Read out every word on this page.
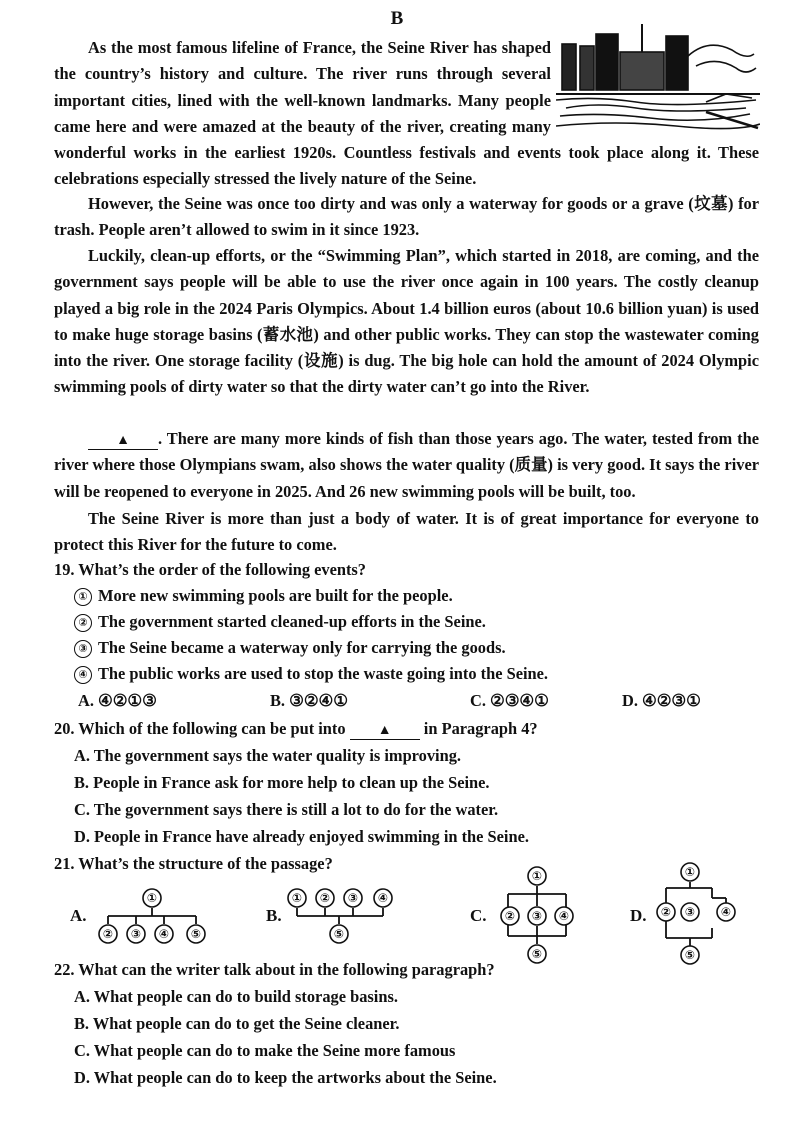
B

As the most famous lifeline of France, the Seine River has shaped the country’s history and culture. The river runs through several important cities, lined with the well-known landmarks. Many people came here and were amazed at the beauty of the river, creating many wonderful works in the earliest 1920s. Countless festivals and events took place along it. These celebrations especially stressed the lively nature of the Seine.

However, the Seine was once too dirty and was only a waterway for goods or a grave (坟墓) for trash. People aren’t allowed to swim in it since 1923.

Luckily, clean-up efforts, or the “Swimming Plan”, which started in 2018, are coming, and the government says people will be able to use the river once again in 100 years. The costly cleanup played a big role in the 2024 Paris Olympics. About 1.4 billion euros (about 10.6 billion yuan) is used to make huge storage basins (蓄水池) and other public works. They can stop the wastewater coming into the river. One storage facility (设施) is dug. The big hole can hold the amount of 2024 Olympic swimming pools of dirty water so that the dirty water can’t go into the River.

▲ . There are many more kinds of fish than those years ago. The water, tested from the river where those Olympians swam, also shows the water quality (质量) is very good. It says the river will be reopened to everyone in 2025. And 26 new swimming pools will be built, too.

The Seine River is more than just a body of water. It is of great importance for everyone to protect this River for the future to come.

19. What’s the order of the following events?
① More new swimming pools are built for the people.
② The government started cleaned-up efforts in the Seine.
③ The Seine became a waterway only for carrying the goods.
④ The public works are used to stop the waste going into the Seine.
A. ④②①③	B. ③②④①	C. ②③④①	D. ④②③①
20. Which of the following can be put into ▲ in Paragraph 4?
A. The government says the water quality is improving.
B. People in France ask for more help to clean up the Seine.
C. The government says there is still a lot to do for the water.
D. People in France have already enjoyed swimming in the Seine.
21. What’s the structure of the passage?
A.
①
② ③ ④ ⑤
B.
① ② ③ ④
⑤
C.
①
② ③ ④
⑤
D.
①
② ③ ④
⑤
22. What can the writer talk about in the following paragraph?
A. What people can do to build storage basins.
B. What people can do to get the Seine cleaner.
C. What people can do to make the Seine more famous
D. What people can do to keep the artworks about the Seine.
